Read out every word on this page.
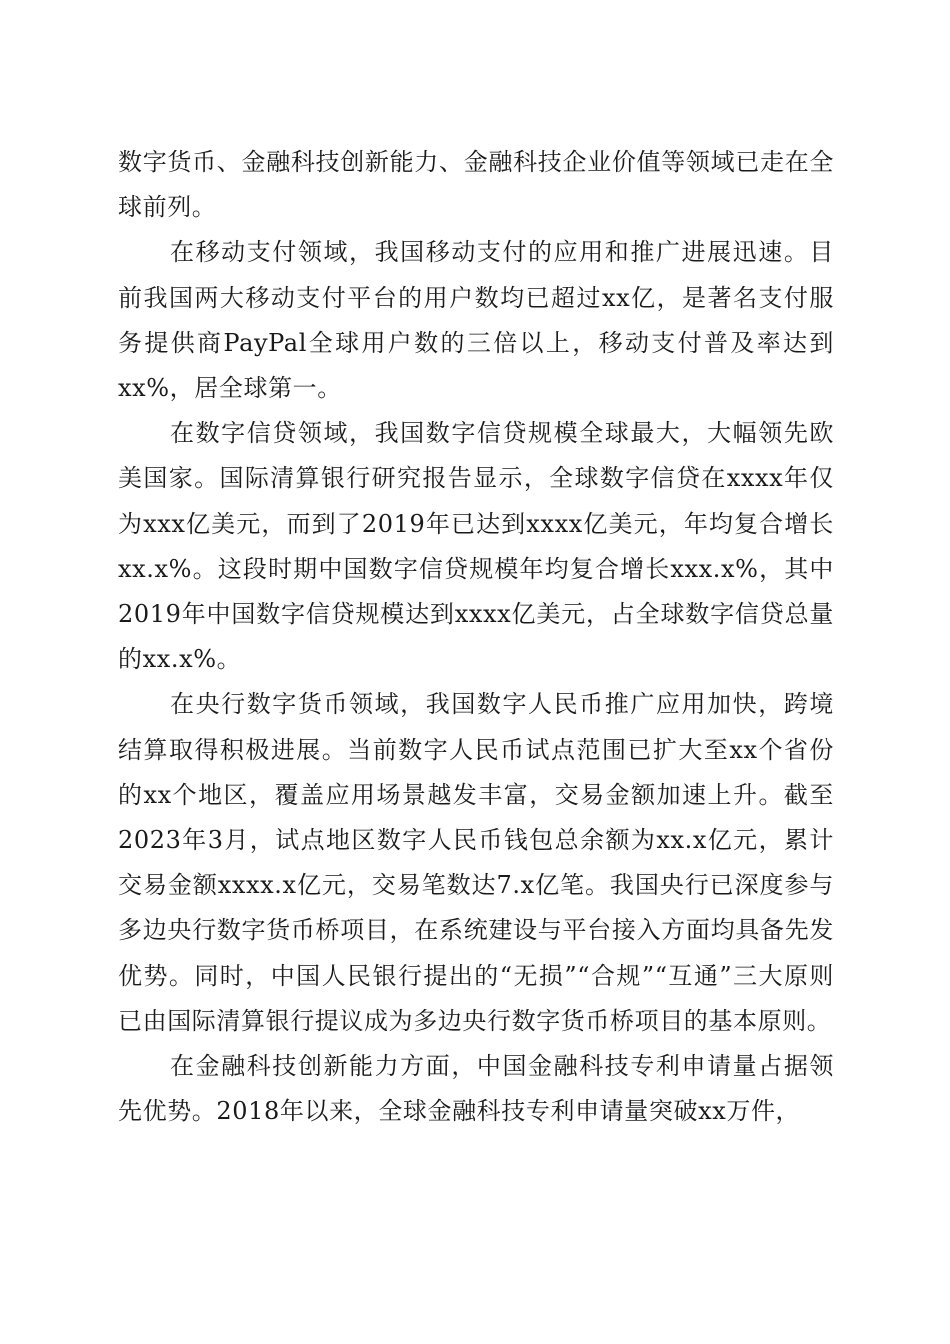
数字货币、金融科技创新能力、金融科技企业价值等领域已走在全球前列。

在移动支付领域，我国移动支付的应用和推广进展迅速。目前我国两大移动支付平台的用户数均已超过xx亿，是著名支付服务提供商PayPal全球用户数的三倍以上，移动支付普及率达到xx%，居全球第一。

在数字信贷领域，我国数字信贷规模全球最大，大幅领先欧美国家。国际清算银行研究报告显示，全球数字信贷在xxxx年仅为xxx亿美元，而到了2019年已达到xxxx亿美元，年均复合增长xx.x%。这段时期中国数字信贷规模年均复合增长xxx.x%，其中2019年中国数字信贷规模达到xxxx亿美元，占全球数字信贷总量的xx.x%。

在央行数字货币领域，我国数字人民币推广应用加快，跨境结算取得积极进展。当前数字人民币试点范围已扩大至xx个省份的xx个地区，覆盖应用场景越发丰富，交易金额加速上升。截至2023年3月，试点地区数字人民币钱包总余额为xx.x亿元，累计交易金额xxxx.x亿元，交易笔数达7.x亿笔。我国央行已深度参与多边央行数字货币桥项目，在系统建设与平台接入方面均具备先发优势。同时，中国人民银行提出的“无损”“合规”“互通”三大原则已由国际清算银行提议成为多边央行数字货币桥项目的基本原则。

在金融科技创新能力方面，中国金融科技专利申请量占据领先优势。2018年以来，全球金融科技专利申请量突破xx万件，
